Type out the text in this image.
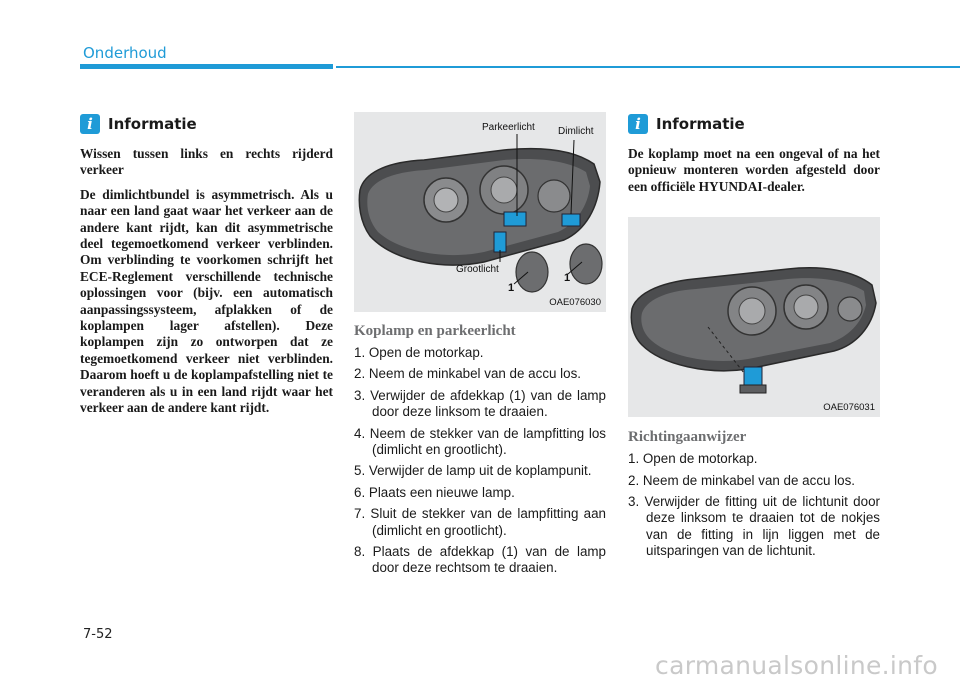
Onderhoud
i	Informatie

Wissen tussen links en rechts rijderd verkeer

De dimlichtbundel is asymmetrisch. Als u naar een land gaat waar het verkeer aan de andere kant rijdt, kan dit asymmetrische deel tegemoetkomend verkeer verblinden. Om verblinding te voorkomen schrijft het ECE-Reglement verschillende technische oplossingen voor (bijv. een automatisch aanpassingssysteem, afplakken of de koplampen lager afstellen). Deze koplampen zijn zo ontworpen dat ze tegemoetkomend verkeer niet verblinden. Daarom hoeft u de koplampafstelling niet te veranderen als u in een land rijdt waar het verkeer aan de andere kant rijdt.

Parkeerlicht Dimlicht
Grootlicht
1
1
OAE076030
Koplamp en parkeerlicht
1. Open de motorkap.
2. Neem de minkabel van de accu los.
3. Verwijder de afdekkap (1) van de lamp door deze linksom te draaien.
4. Neem de stekker van de lampfitting los (dimlicht en grootlicht).
5. Verwijder de lamp uit de koplampunit.
6. Plaats een nieuwe lamp.
7. Sluit de stekker van de lampfitting aan (dimlicht en grootlicht).
8. Plaats de afdekkap (1) van de lamp door deze rechtsom te draaien.
i	Informatie

De koplamp moet na een ongeval of na het opnieuw monteren worden afgesteld door een officiële HYUNDAI-dealer.

OAE076031
Richtingaanwijzer
1. Open de motorkap.
2. Neem de minkabel van de accu los.
3. Verwijder de fitting uit de lichtunit door deze linksom te draaien tot de nokjes van de fitting in lijn liggen met de uitsparingen van de lichtunit.
7-52
carmanualsonline.info
